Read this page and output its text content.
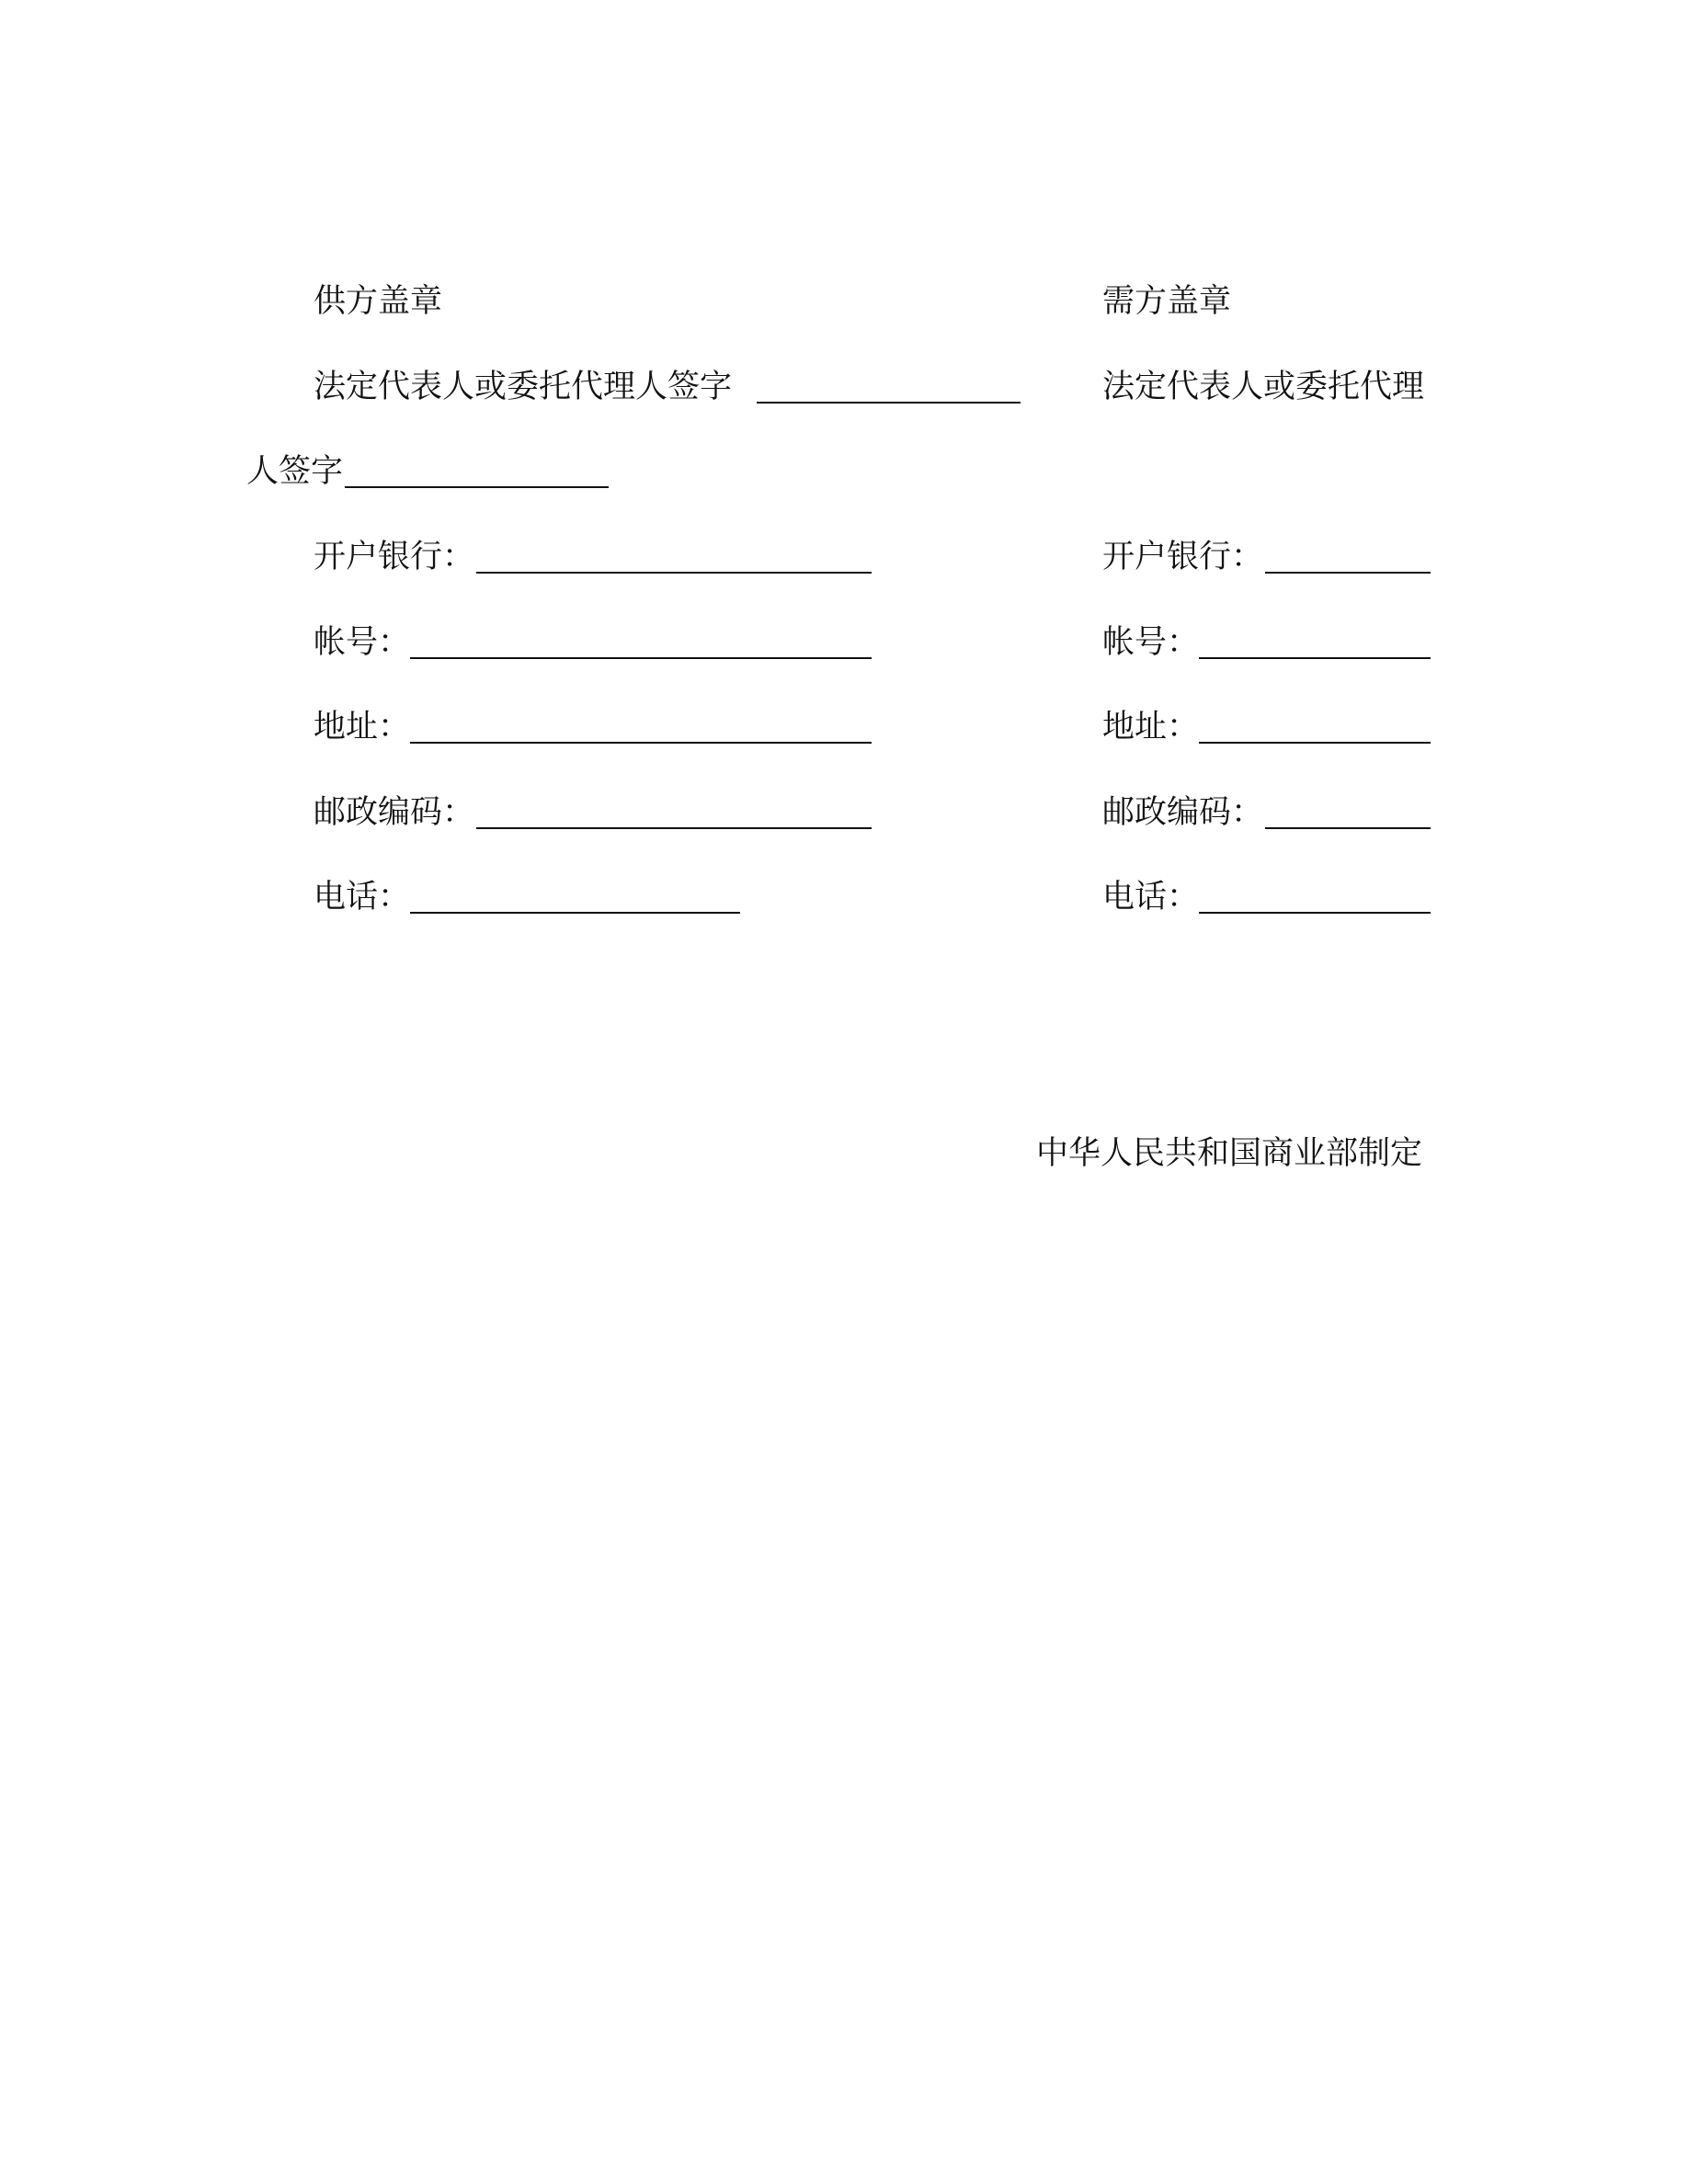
供方盖章
法定代表人或委托代理人签字
人签字
开户银行：
帐号：
地址：
邮政编码：
电话：
需方盖章
法定代表人或委托代理
开户银行：
帐号：
地址：
邮政编码：
电话：
中华人民共和国商业部制定
